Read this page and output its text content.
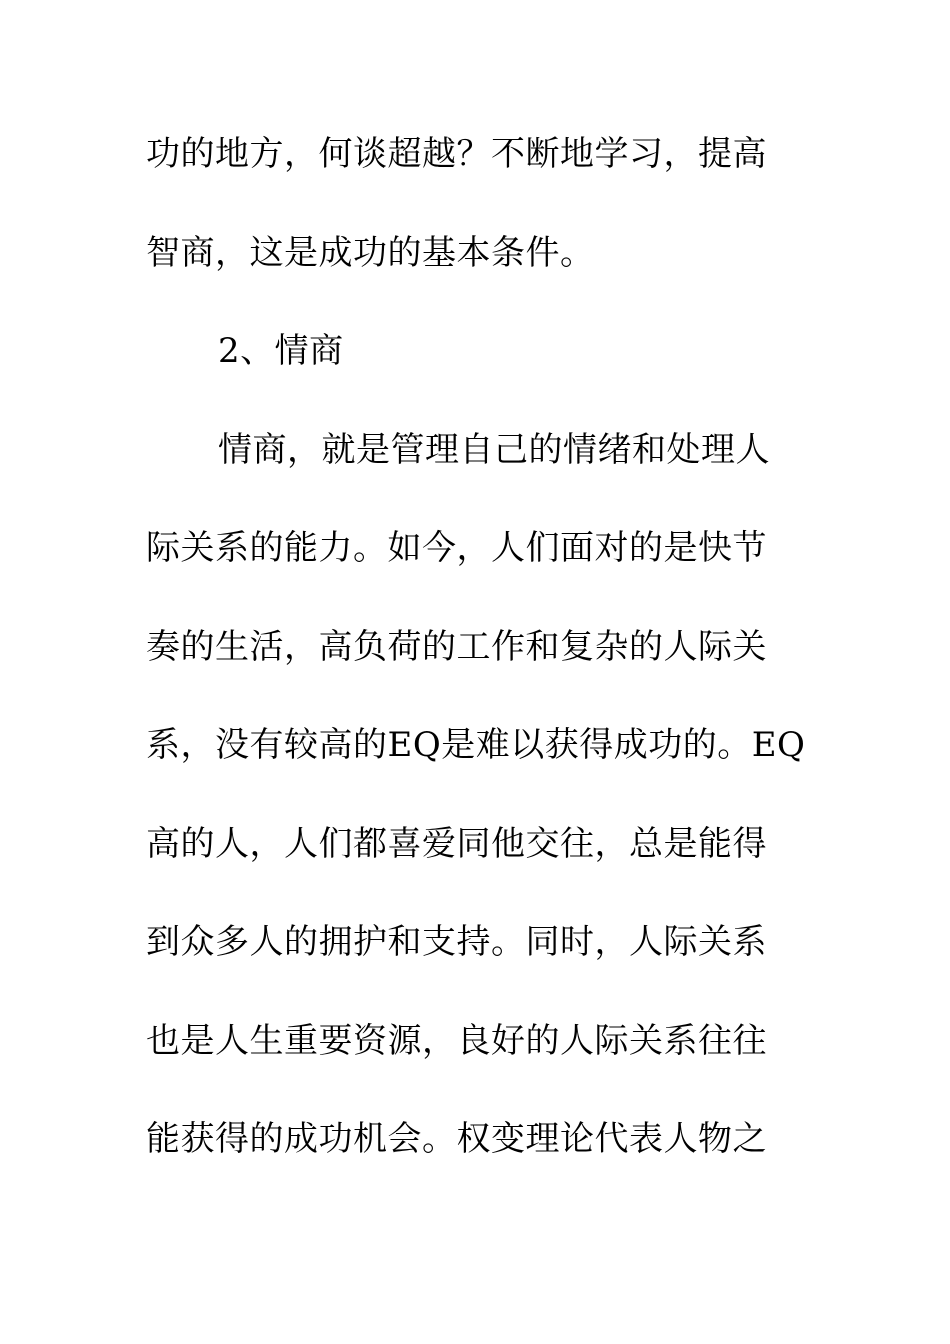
功的地方，何谈超越？不断地学习，提高
智商，这是成功的基本条件。
2、情商
情商，就是管理自己的情绪和处理人
际关系的能力。如今，人们面对的是快节
奏的生活，高负荷的工作和复杂的人际关
系，没有较高的EQ是难以获得成功的。EQ
高的人，人们都喜爱同他交往，总是能得
到众多人的拥护和支持。同时，人际关系
也是人生重要资源，良好的人际关系往往
能获得的成功机会。权变理论代表人物之
